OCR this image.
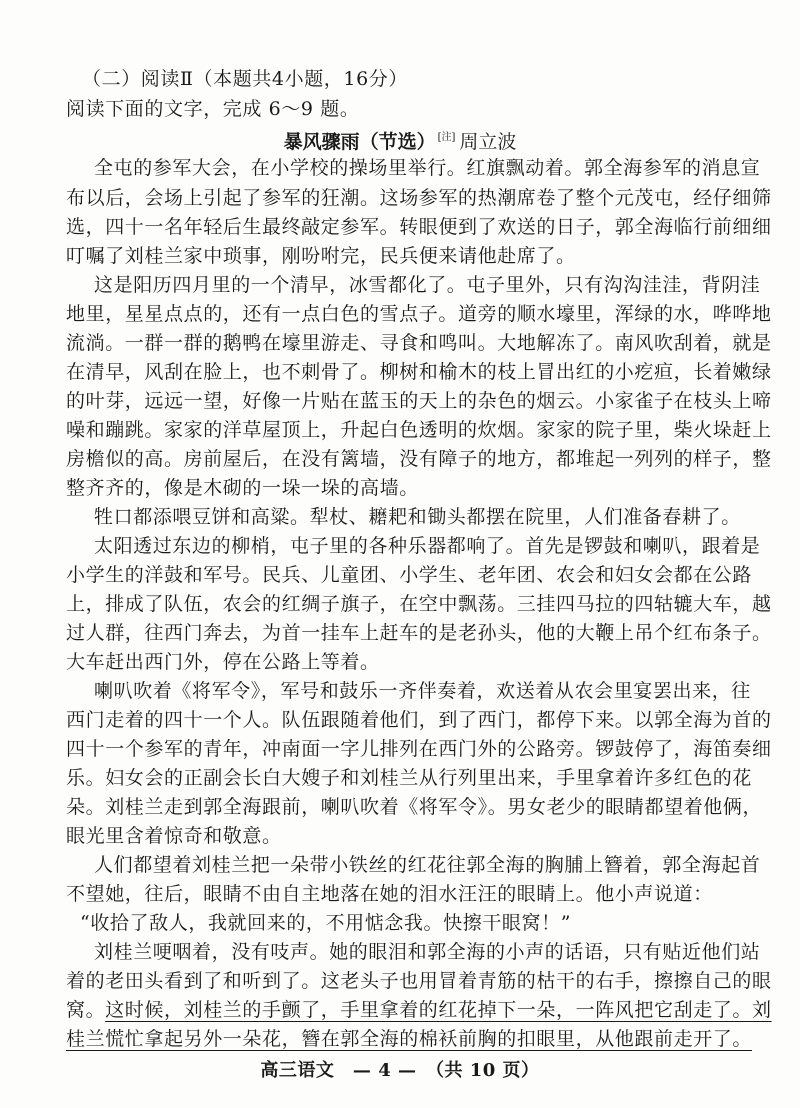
（二）阅读Ⅱ（本题共4小题，16分）
阅读下面的文字，完成 6～9 题。
暴风骤雨（节选） [注] 周立波
全屯的参军大会，在小学校的操场里举行。红旗飘动着。郭全海参军的消息宣
布以后，会场上引起了参军的狂潮。这场参军的热潮席卷了整个元茂屯，经仔细筛
选，四十一名年轻后生最终敲定参军。转眼便到了欢送的日子，郭全海临行前细细
叮嘱了刘桂兰家中琐事，刚吩咐完，民兵便来请他赴席了。
这是阳历四月里的一个清早，冰雪都化了。屯子里外，只有沟沟洼洼，背阴洼
地里，星星点点的，还有一点白色的雪点子。道旁的顺水壕里，浑绿的水，哗哗地
流淌。一群一群的鹅鸭在壕里游走、寻食和鸣叫。大地解冻了。南风吹刮着，就是
在清早，风刮在脸上，也不刺骨了。柳树和榆木的枝上冒出红的小疙疸，长着嫩绿
的叶芽，远远一望，好像一片贴在蓝玉的天上的杂色的烟云。小家雀子在枝头上啼
噪和蹦跳。家家的洋草屋顶上，升起白色透明的炊烟。家家的院子里，柴火垛赶上
房檐似的高。房前屋后，在没有篱墙，没有障子的地方，都堆起一列列的样子，整
整齐齐的，像是木砌的一垛一垛的高墙。
牲口都添喂豆饼和高粱。犁杖、耱耙和锄头都摆在院里，人们准备春耕了。
太阳透过东边的柳梢，屯子里的各种乐器都响了。首先是锣鼓和喇叭，跟着是
小学生的洋鼓和军号。民兵、儿童团、小学生、老年团、农会和妇女会都在公路
上，排成了队伍，农会的红绸子旗子，在空中飘荡。三挂四马拉的四轱辘大车，越
过人群，往西门奔去，为首一挂车上赶车的是老孙头，他的大鞭上吊个红布条子。
大车赶出西门外，停在公路上等着。
喇叭吹着《将军令》，军号和鼓乐一齐伴奏着，欢送着从农会里宴罢出来，往
西门走着的四十一个人。队伍跟随着他们，到了西门，都停下来。以郭全海为首的
四十一个参军的青年，冲南面一字儿排列在西门外的公路旁。锣鼓停了，海笛奏细
乐。妇女会的正副会长白大嫂子和刘桂兰从行列里出来，手里拿着许多红色的花
朵。刘桂兰走到郭全海跟前，喇叭吹着《将军令》。男女老少的眼睛都望着他俩，
眼光里含着惊奇和敬意。
人们都望着刘桂兰把一朵带小铁丝的红花往郭全海的胸脯上簪着，郭全海起首
不望她，往后，眼睛不由自主地落在她的泪水汪汪的眼睛上。他小声说道：
“收拾了敌人，我就回来的，不用惦念我。快擦干眼窝！”
刘桂兰哽咽着，没有吱声。她的眼泪和郭全海的小声的话语，只有贴近他们站
着的老田头看到了和听到了。这老头子也用冒着青筋的枯干的右手，擦擦自己的眼
窝。这时候，刘桂兰的手颤了，手里拿着的红花掉下一朵，一阵风把它刮走了。刘
桂兰慌忙拿起另外一朵花，簪在郭全海的棉袄前胸的扣眼里，从他跟前走开了。
高三语文　— 4 —　（共 10 页）
